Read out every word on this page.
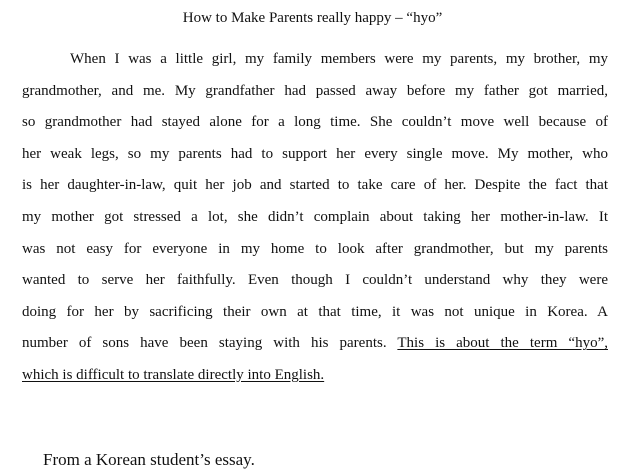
How to Make Parents really happy – “hyo”
When I was a little girl, my family members were my parents, my brother, my
grandmother, and me. My grandfather had passed away before my father got married,
so grandmother had stayed alone for a long time. She couldn’t move well because of
her weak legs, so my parents had to support her every single move. My mother, who
is her daughter-in-law, quit her job and started to take care of her. Despite the fact that
my mother got stressed a lot, she didn’t complain about taking her mother-in-law. It
was not easy for everyone in my home to look after grandmother, but my parents
wanted to serve her faithfully. Even though I couldn’t understand why they were
doing for her by sacrificing their own at that time, it was not unique in Korea. A
number of sons have been staying with his parents. This is about the term “hyo”,
which is difficult to translate directly into English.
From a Korean student’s essay.
